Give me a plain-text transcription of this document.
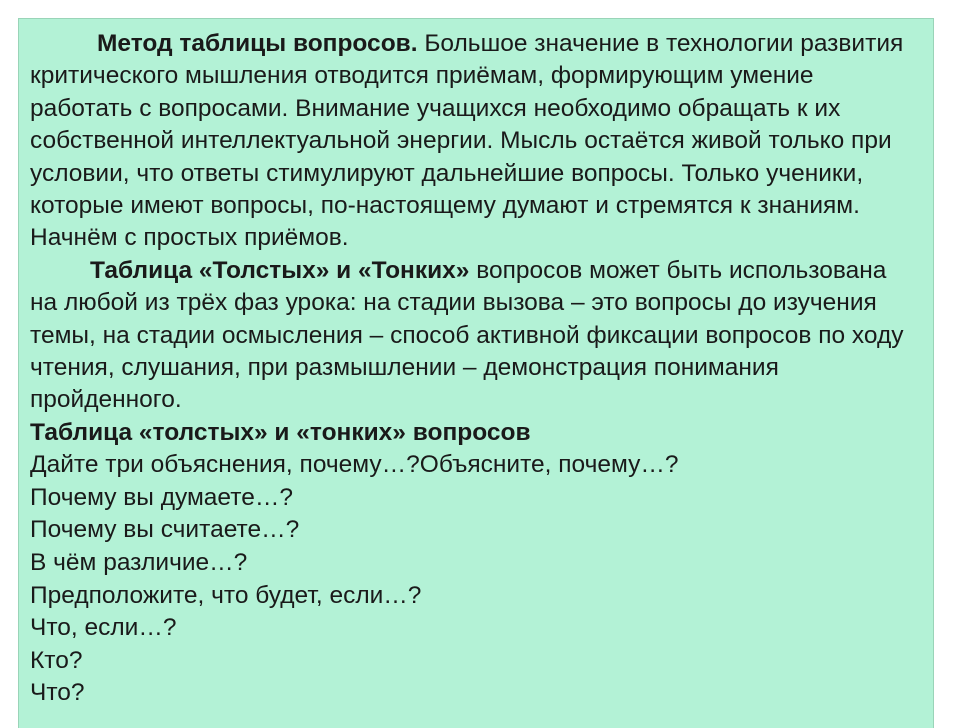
Метод таблицы вопросов. Большое значение в технологии развития критического мышления отводится приёмам, формирующим умение работать с вопросами. Внимание учащихся необходимо обращать к их собственной интеллектуальной энергии. Мысль остаётся живой только при условии, что ответы стимулируют дальнейшие вопросы. Только ученики, которые имеют вопросы, по-настоящему думают и стремятся к знаниям. Начнём с простых приёмов.

Таблица «Толстых» и «Тонких» вопросов может быть использована на любой из трёх фаз урока: на стадии вызова – это вопросы до изучения темы, на стадии осмысления – способ активной фиксации вопросов по ходу чтения, слушания, при размышлении – демонстрация понимания пройденного.

Таблица «толстых» и «тонких» вопросов

Дайте три объяснения, почему…?Объясните, почему…?

Почему вы думаете…?

Почему вы считаете…?

В чём различие…?

Предположите, что будет, если…?

Что, если…?

Кто?

Что?
